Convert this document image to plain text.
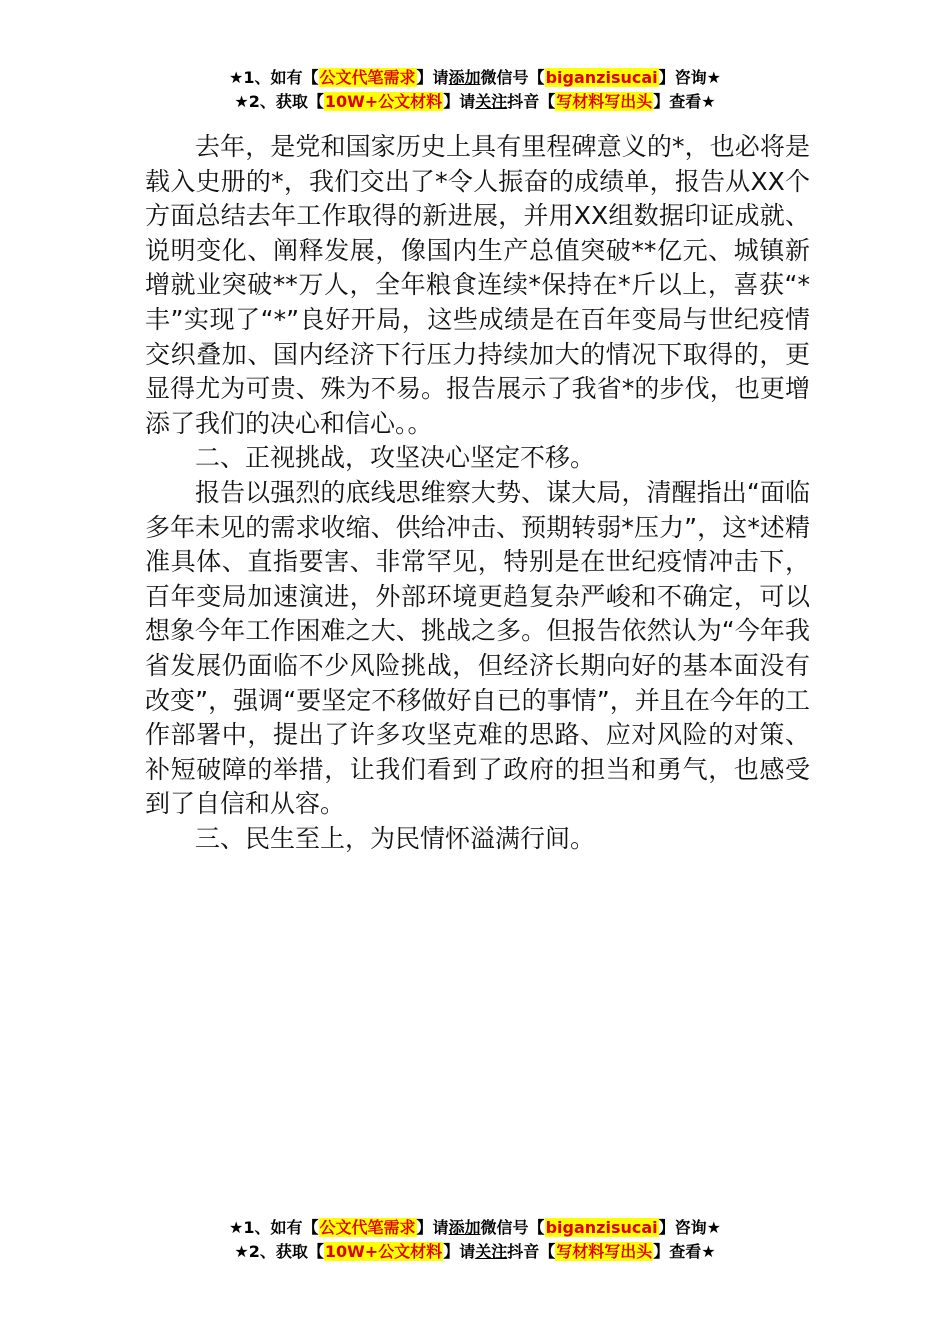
★1、如有【公文代笔需求】请添加微信号【biganzisucai】咨询★
★2、获取【10W+公文材料】请关注抖音【写材料写出头】查看★

去年，是党和国家历史上具有里程碑意义的*，也必将是载入史册的*，我们交出了*令人振奋的成绩单，报告从XX个方面总结去年工作取得的新进展，并用XX组数据印证成就、说明变化、阐释发展，像国内生产总值突破**亿元、城镇新增就业突破**万人，全年粮食连续*保持在*斤以上，喜获“*丰”实现了“*”良好开局，这些成绩是在百年变局与世纪疫情交织叠加、国内经济下行压力持续加大的情况下取得的，更显得尤为可贵、殊为不易。报告展示了我省*的步伐，也更增添了我们的决心和信心。。

二、正视挑战，攻坚决心坚定不移。

报告以强烈的底线思维察大势、谋大局，清醒指出“面临多年未见的需求收缩、供给冲击、预期转弱*压力”，这*述精准具体、直指要害、非常罕见，特别是在世纪疫情冲击下，百年变局加速演进，外部环境更趋复杂严峻和不确定，可以想象今年工作困难之大、挑战之多。但报告依然认为“今年我省发展仍面临不少风险挑战，但经济长期向好的基本面没有改变”，强调“要坚定不移做好自已的事情”，并且在今年的工作部署中，提出了许多攻坚克难的思路、应对风险的对策、补短破障的举措，让我们看到了政府的担当和勇气，也感受到了自信和从容。

三、民生至上，为民情怀溢满行间。

★1、如有【公文代笔需求】请添加微信号【biganzisucai】咨询★
★2、获取【10W+公文材料】请关注抖音【写材料写出头】查看★
